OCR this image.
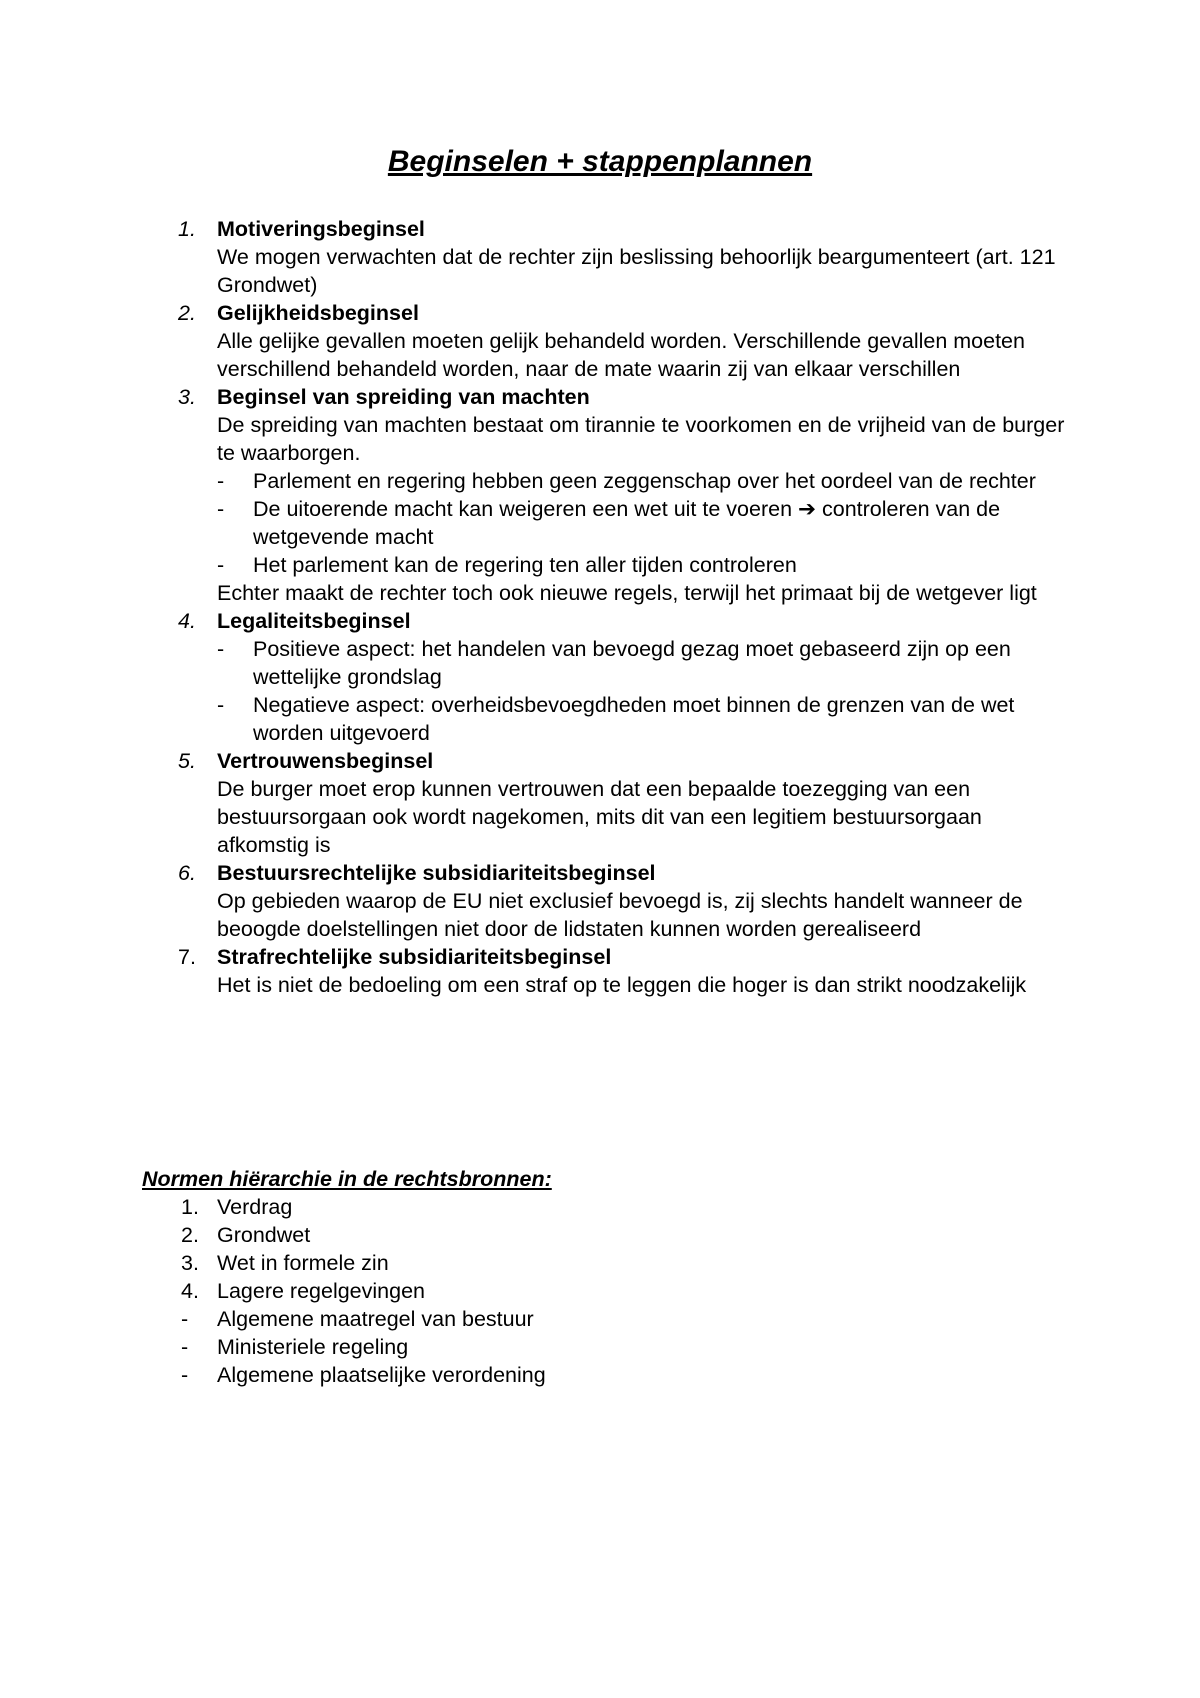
Beginselen + stappenplannen
1. Motiveringsbeginsel
We mogen verwachten dat de rechter zijn beslissing behoorlijk beargumenteert (art. 121 Grondwet)
2. Gelijkheidsbeginsel
Alle gelijke gevallen moeten gelijk behandeld worden. Verschillende gevallen moeten verschillend behandeld worden, naar de mate waarin zij van elkaar verschillen
3. Beginsel van spreiding van machten
De spreiding van machten bestaat om tirannie te voorkomen en de vrijheid van de burger te waarborgen.
- Parlement en regering hebben geen zeggenschap over het oordeel van de rechter
- De uitoerende macht kan weigeren een wet uit te voeren ➔ controleren van de wetgevende macht
- Het parlement kan de regering ten aller tijden controleren
Echter maakt de rechter toch ook nieuwe regels, terwijl het primaat bij de wetgever ligt
4. Legaliteitsbeginsel
- Positieve aspect: het handelen van bevoegd gezag moet gebaseerd zijn op een wettelijke grondslag
- Negatieve aspect: overheidsbevoegdheden moet binnen de grenzen van de wet worden uitgevoerd
5. Vertrouwensbeginsel
De burger moet erop kunnen vertrouwen dat een bepaalde toezegging van een bestuursorgaan ook wordt nagekomen, mits dit van een legitiem bestuursorgaan afkomstig is
6. Bestuursrechtelijke subsidiariteitsbeginsel
Op gebieden waarop de EU niet exclusief bevoegd is, zij slechts handelt wanneer de beoogde doelstellingen niet door de lidstaten kunnen worden gerealiseerd
7. Strafrechtelijke subsidiariteitsbeginsel
Het is niet de bedoeling om een straf op te leggen die hoger is dan strikt noodzakelijk
Normen hiërarchie in de rechtsbronnen:
1. Verdrag
2. Grondwet
3. Wet in formele zin
4. Lagere regelgevingen
- Algemene maatregel van bestuur
- Ministeriele regeling
- Algemene plaatselijke verordening
